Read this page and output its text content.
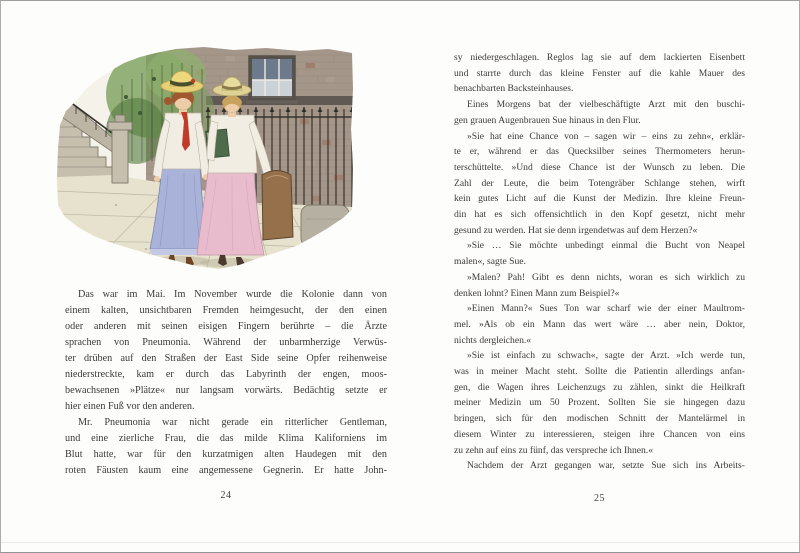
Das war im Mai. Im November wurde die Kolonie dann von
einem kalten, unsichtbaren Fremden heimgesucht, der den einen
oder anderen mit seinen eisigen Fingern berührte – die Ärzte
sprachen von Pneumonia. Während der unbarmherzige Verwüs-
ter drüben auf den Straßen der East Side seine Opfer reihenweise
niederstreckte, kam er durch das Labyrinth der engen, moos-
bewachsenen »Plätze« nur langsam vorwärts. Bedächtig setzte er
hier einen Fuß vor den anderen.
Mr. Pneumonia war nicht gerade ein ritterlicher Gentleman,
und eine zierliche Frau, die das milde Klima Kaliforniens im
Blut hatte, war für den kurzatmigen alten Haudegen mit den
roten Fäusten kaum eine angemessene Gegnerin. Er hatte John-
24
sy niedergeschlagen. Reglos lag sie auf dem lackierten Eisenbett
und starrte durch das kleine Fenster auf die kahle Mauer des
benachbarten Backsteinhauses.
Eines Morgens bat der vielbeschäftigte Arzt mit den buschi-
gen grauen Augenbrauen Sue hinaus in den Flur.
»Sie hat eine Chance von – sagen wir – eins zu zehn«, erklär-
te er, während er das Quecksilber seines Thermometers herun-
terschüttelte. »Und diese Chance ist der Wunsch zu leben. Die
Zahl der Leute, die beim Totengräber Schlange stehen, wirft
kein gutes Licht auf die Kunst der Medizin. Ihre kleine Freun-
din hat es sich offensichtlich in den Kopf gesetzt, nicht mehr
gesund zu werden. Hat sie denn irgendetwas auf dem Herzen?«
»Sie … Sie möchte unbedingt einmal die Bucht von Neapel
malen«, sagte Sue.
»Malen? Pah! Gibt es denn nichts, woran es sich wirklich zu
denken lohnt? Einen Mann zum Beispiel?«
»Einen Mann?« Sues Ton war scharf wie der einer Maultrom-
mel. »Als ob ein Mann das wert wäre … aber nein, Doktor,
nichts dergleichen.«
»Sie ist einfach zu schwach«, sagte der Arzt. »Ich werde tun,
was in meiner Macht steht. Sollte die Patientin allerdings anfan-
gen, die Wagen ihres Leichenzugs zu zählen, sinkt die Heilkraft
meiner Medizin um 50 Prozent. Sollten Sie sie hingegen dazu
bringen, sich für den modischen Schnitt der Mantelärmel in
diesem Winter zu interessieren, steigen ihre Chancen von eins
zu zehn auf eins zu fünf, das verspreche ich Ihnen.«
Nachdem der Arzt gegangen war, setzte Sue sich ins Arbeits-
25
